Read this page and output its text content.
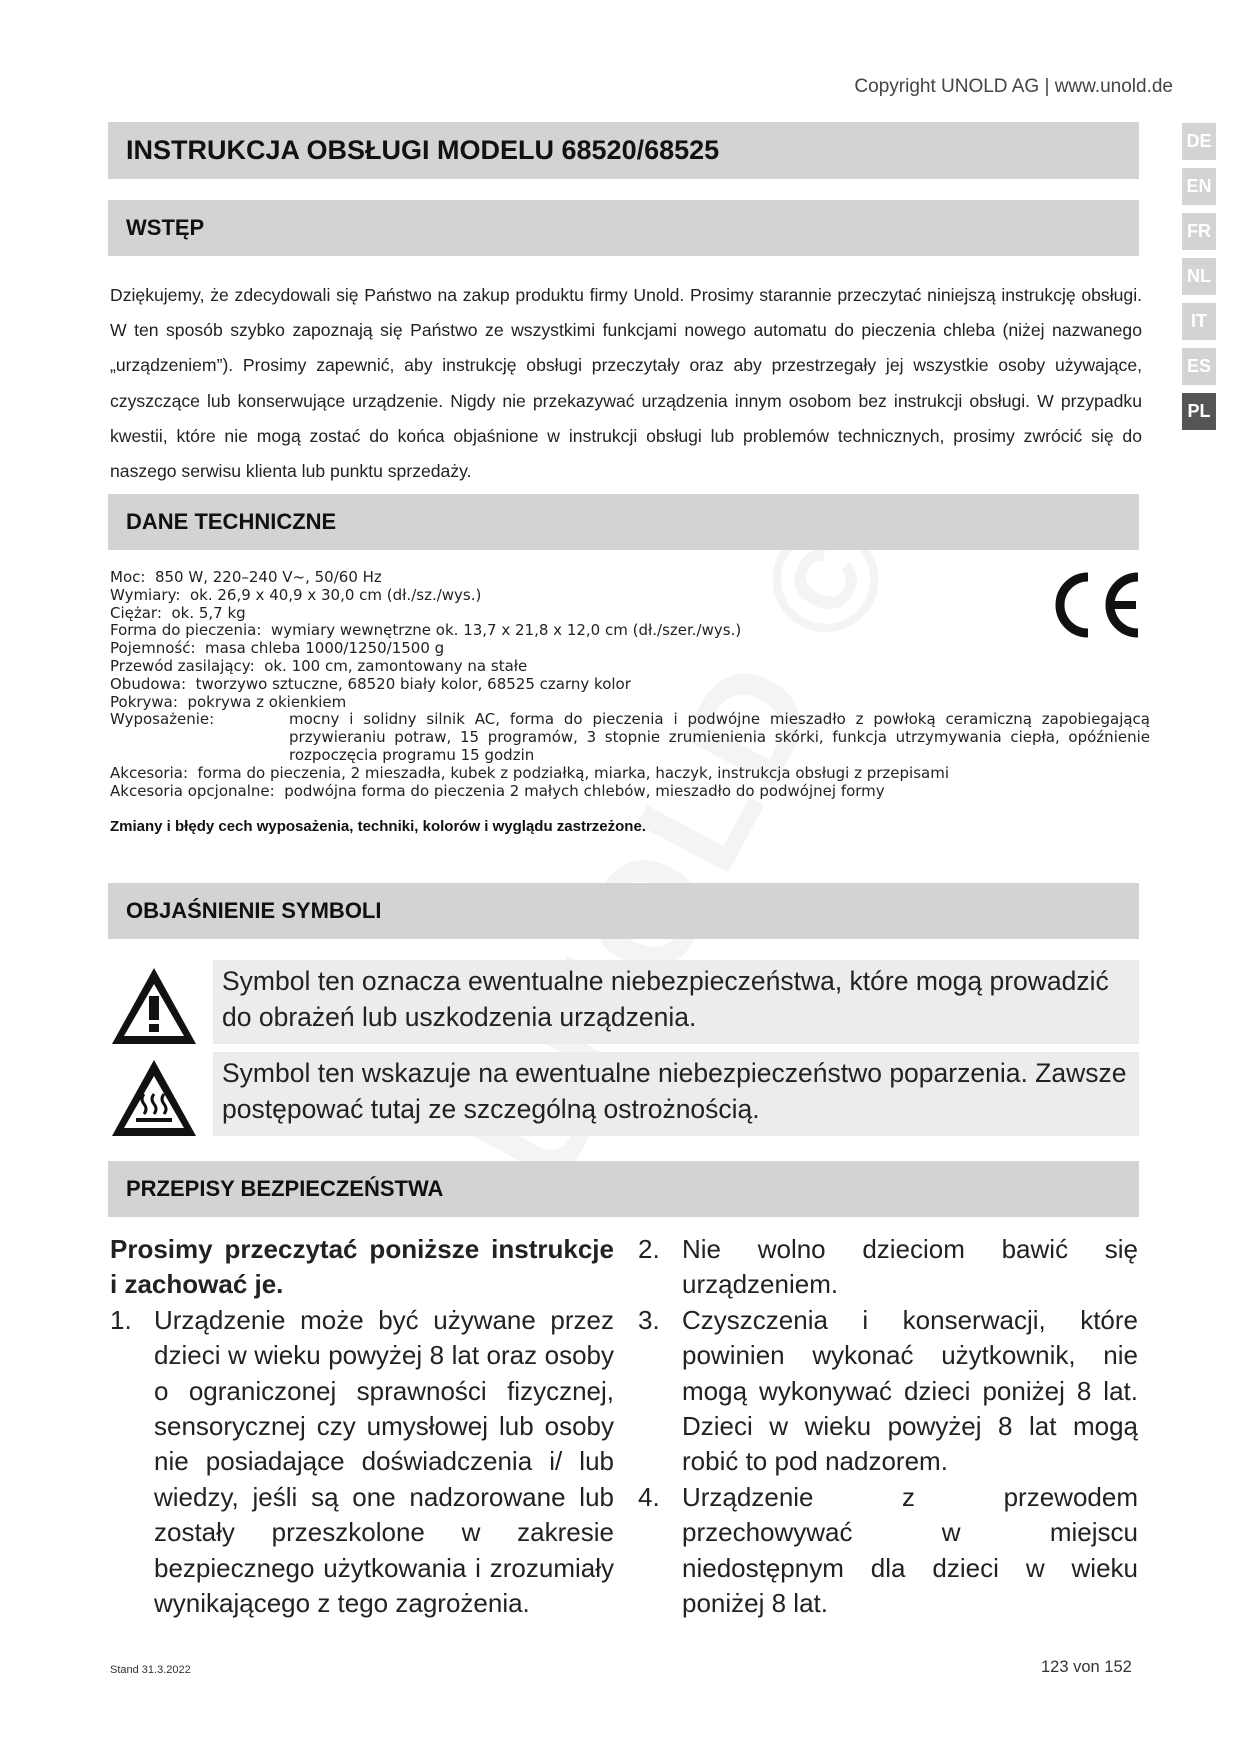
Copyright UNOLD AG | www.unold.de
INSTRUKCJA OBSŁUGI MODELU 68520/68525	DE
EN
FR
NL
IT
ES
PL
WSTĘP
Dziękujemy, że zdecydowali się Państwo na zakup produktu firmy Unold. Prosimy starannie przeczytać niniejszą instrukcję obsługi. W ten sposób szybko zapoznają się Państwo ze wszystkimi funkcjami nowego automatu do pieczenia chleba (niżej nazwanego „urządzeniem”). Prosimy zapewnić, aby instrukcję obsługi przeczytały oraz aby przestrzegały jej wszystkie osoby używające, czyszczące lub konserwujące urządzenie. Nigdy nie przekazywać urządzenia innym osobom bez instrukcji obsługi. W przypadku kwestii, które nie mogą zostać do końca objaśnione w instrukcji obsługi lub problemów technicznych, prosimy zwrócić się do naszego serwisu klienta lub punktu sprzedaży.
DANE TECHNICZNE
Moc: 850 W, 220–240 V~, 50/60 Hz
Wymiary: ok. 26,9 x 40,9 x 30,0 cm (dł./sz./wys.)
Ciężar: ok. 5,7 kg
Forma do pieczenia: wymiary wewnętrzne ok. 13,7 x 21,8 x 12,0 cm (dł./szer./wys.)
Pojemność: masa chleba 1000/1250/1500 g
Przewód zasilający: ok. 100 cm, zamontowany na stałe
Obudowa: tworzywo sztuczne, 68520 biały kolor, 68525 czarny kolor
Pokrywa: pokrywa z okienkiem
Wyposażenie:	mocny i solidny silnik AC, forma do pieczenia i podwójne mieszadło z powłoką ceramiczną zapobiegającą przywieraniu potraw, 15 programów, 3 stopnie zrumienienia skórki, funkcja utrzymywania ciepła, opóźnienie rozpoczęcia programu 15 godzin
Akcesoria: forma do pieczenia, 2 mieszadła, kubek z podziałką, miarka, haczyk, instrukcja obsługi z przepisami
Akcesoria opcjonalne: podwójna forma do pieczenia 2 małych chlebów, mieszadło do podwójnej formy
Zmiany i błędy cech wyposażenia, techniki, kolorów i wyglądu zastrzeżone.
OBJAŚNIENIE SYMBOLI
Symbol ten oznacza ewentualne niebezpieczeństwa, które mogą prowadzić do obrażeń lub uszkodzenia urządzenia.
Symbol ten wskazuje na ewentualne niebezpieczeństwo poparzenia. Zawsze postępować tutaj ze szczególną ostrożnością.
PRZEPISY BEZPIECZEŃSTWA
Prosimy przeczytać poniższe instrukcje i zachować je.
1. Urządzenie może być używane przez dzieci w wieku powyżej 8 lat oraz osoby o ograniczonej sprawności fizycznej, sensorycznej czy umysłowej lub osoby nie posiadające doświadczenia i/ lub wiedzy, jeśli są one nadzorowane lub zostały przeszkolone w zakresie bezpiecznego użytkowania i zrozumiały wynikającego z tego zagrożenia.
2. Nie wolno dzieciom bawić się urządzeniem.
3. Czyszczenia i konserwacji, które powinien wykonać użytkownik, nie mogą wykonywać dzieci poniżej 8 lat. Dzieci w wieku powyżej 8 lat mogą robić to pod nadzorem.
4. Urządzenie z przewodem przechowywać w miejscu niedostępnym dla dzieci w wieku poniżej 8 lat.
Stand 31.3.2022	123 von 152
